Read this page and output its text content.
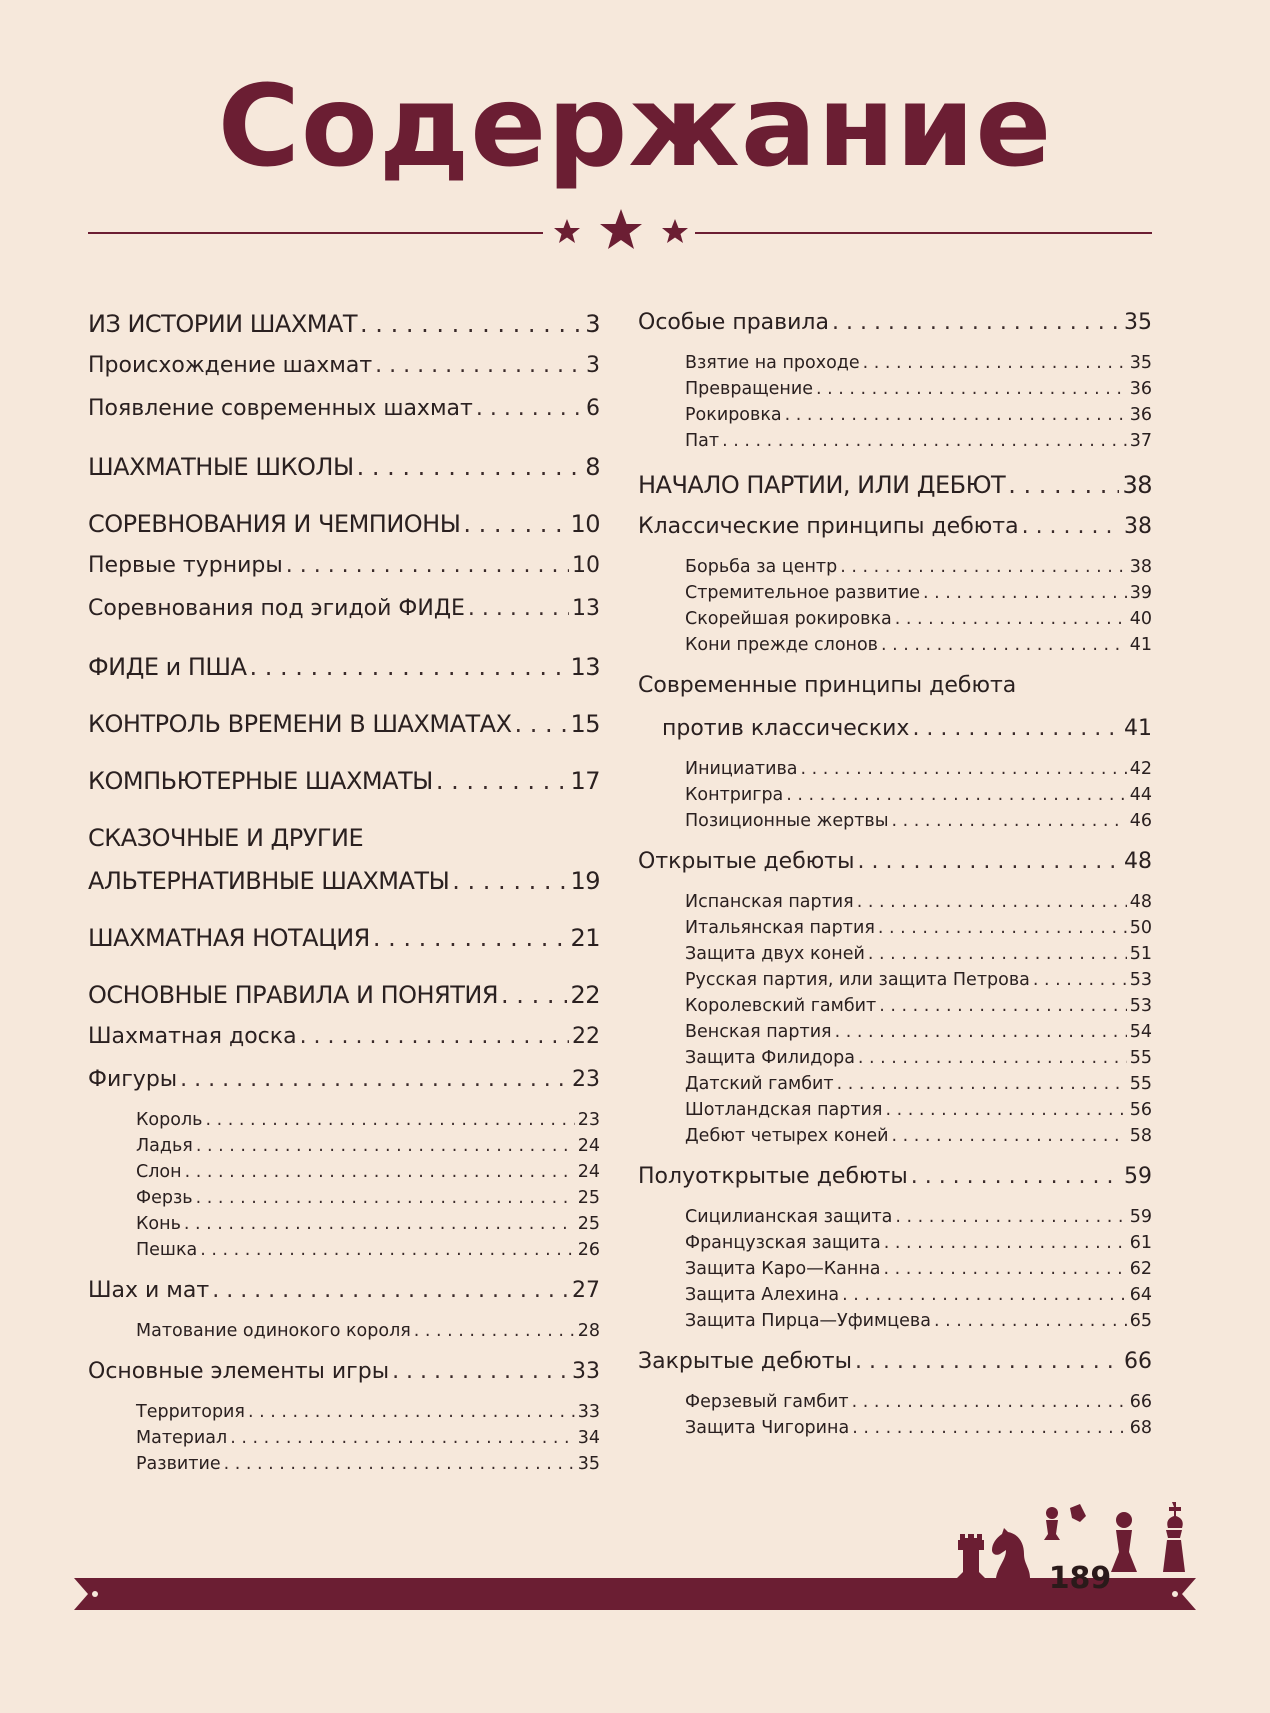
Содержание
ИЗ ИСТОРИИ ШАХМАТ . . .	3
Происхождение шахмат . . .	3
Появление современных шахмат . . .	6
ШАХМАТНЫЕ ШКОЛЫ . . .	8
СОРЕВНОВАНИЯ И ЧЕМПИОНЫ . . .	10
Первые турниры . . .	10
Соревнования под эгидой ФИДЕ . . .	13
ФИДЕ и ПША . . .	13
КОНТРОЛЬ ВРЕМЕНИ В ШАХМАТАХ . . . 15
КОМПЬЮТЕРНЫЕ ШАХМАТЫ . . .	17
СКАЗОЧНЫЕ И ДРУГИЕ
АЛЬТЕРНАТИВНЫЕ ШАХМАТЫ . . .	19
ШАХМАТНАЯ НОТАЦИЯ . . .	21
ОСНОВНЫЕ ПРАВИЛА И ПОНЯТИЯ . . .	22
Шахматная доска . . .	22
Фигуры . . .	23
Король . . .	23
Ладья . . .	24
Слон . . .	24
Ферзь . . .	25
Конь . . .	25
Пешка . . .	26
Шах и мат . . .	27
Матование одинокого короля . . .	28
Основные элементы игры . . .	33
Территория . . .	33
Материал . . .	34
Развитие . . .	35
Особые правила . . .	35
Взятие на проходе . . .	35
Превращение . . .	36
Рокировка . . .	36
Пат . . .	37
НАЧАЛО ПАРТИИ, ИЛИ ДЕБЮТ . . .	38
Классические принципы дебюта . . .	38
Борьба за центр . . .	38
Стремительное развитие . . .	39
Скорейшая рокировка . . .	40
Кони прежде слонов . . .	41
Современные принципы дебюта
против классических . . .	41
Инициатива . . .	42
Контригра . . .	44
Позиционные жертвы . . .	46
Открытые дебюты . . .	48
Испанская партия . . .	48
Итальянская партия . . .	50
Защита двух коней . . .	51
Русская партия, или защита Петрова . . .	53
Королевский гамбит . . .	53
Венская партия . . .	54
Защита Филидора . . .	55
Датский гамбит . . .	55
Шотландская партия . . .	56
Дебют четырех коней . . .	58
Полуоткрытые дебюты . . .	59
Сицилианская защита . . .	59
Французская защита . . .	61
Защита Каро—Канна . . .	62
Защита Алехина . . .	64
Защита Пирца—Уфимцева . . .	65
Закрытые дебюты . . .	66
Ферзевый гамбит . . .	66
Защита Чигорина . . .	68
189
